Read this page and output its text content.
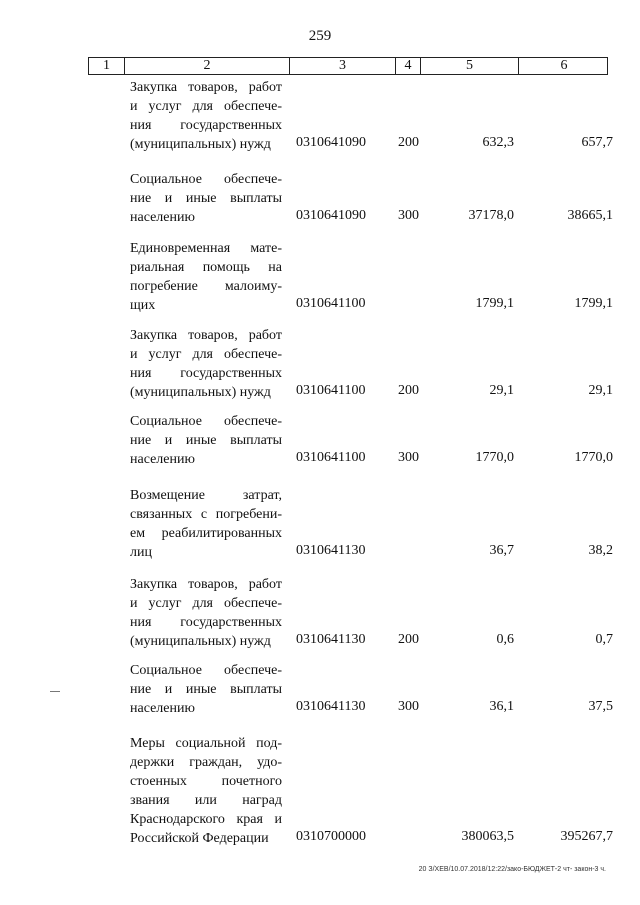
259
1	2	3	4	5	6
Закупка товаров, работ
и услуг для обеспече-
ния государственных
(муниципальных) нужд	0310641090 200	632,3	657,7
Социальное обеспече-
ние и иные выплаты
населению	0310641090 300	37178,0	38665,1
Единовременная мате-
риальная помощь на
погребение малоиму-
щих	0310641100	1799,1	1799,1
Закупка товаров, работ
и услуг для обеспече-
ния государственных
(муниципальных) нужд	0310641100 200	29,1	29,1
Социальное обеспече-
ние и иные выплаты
населению	0310641100 300	1770,0	1770,0
Возмещение затрат,
связанных с погребени-
ем реабилитированных
лиц	0310641130	36,7	38,2
Закупка товаров, работ
и услуг для обеспече-
ния государственных
(муниципальных) нужд	0310641130 200	0,6	0,7
Социальное обеспече-
ние и иные выплаты
населению	0310641130 300	36,1	37,5
Меры социальной под-
держки граждан, удо-
стоенных почетного
звания или наград
Краснодарского края и
Российской Федерации	0310700000	380063,5	395267,7
20 З/ХЕВ/10.07.2018/12:22/зако-БЮДЖЕТ-2 чт- закон-3 ч.
